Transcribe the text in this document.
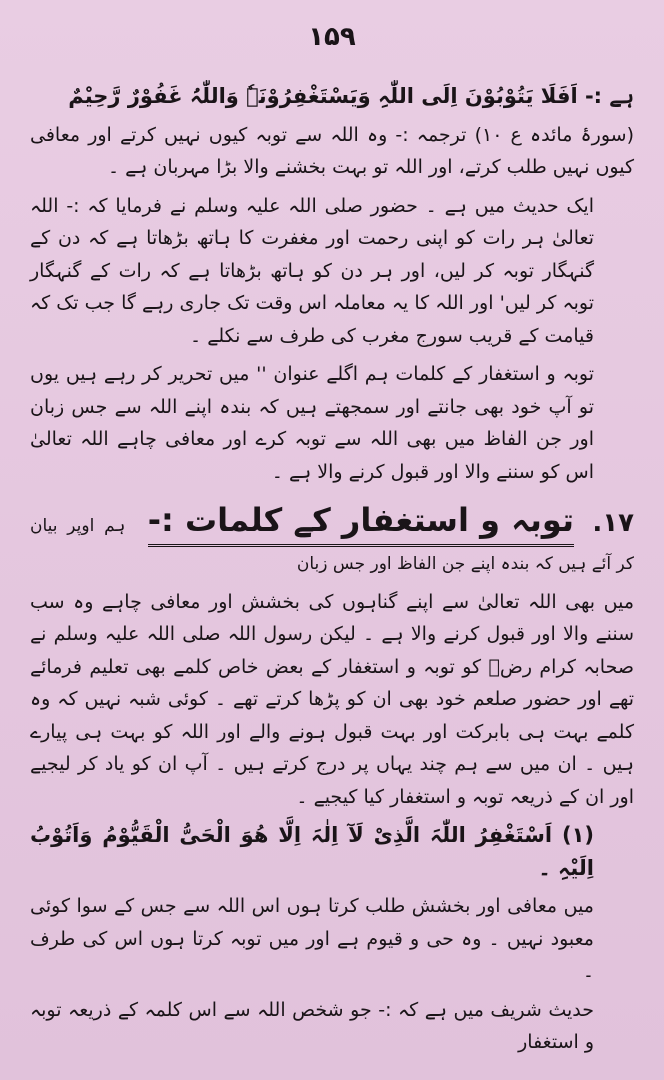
۱۵۹

ہے :- اَفَلَا یَتُوْبُوْنَ اِلَی اللّٰہِ وَیَسْتَغْفِرُوْنَہٗ وَاللّٰہُ غَفُوْرٌ رَّحِیْمٌ

(سورۂ مائدہ ع ۱۰) ترجمہ :- وہ اللہ سے توبہ کیوں نہیں کرتے اور معافی کیوں نہیں طلب کرتے، اور اللہ تو بہت بخشنے والا بڑا مہربان ہے ۔

ایک حدیث میں ہے ۔ حضور صلی اللہ علیہ وسلم نے فرمایا کہ :- اللہ تعالیٰ ہر رات کو اپنی رحمت اور مغفرت کا ہاتھ بڑھاتا ہے کہ دن کے گنہگار توبہ کر لیں، اور ہر دن کو ہاتھ بڑھاتا ہے کہ رات کے گنہگار توبہ کر لیں' اور اللہ کا یہ معاملہ اس وقت تک جاری رہے گا جب تک کہ قیامت کے قریب سورج مغرب کی طرف سے نکلے ۔

توبہ و استغفار کے کلمات ہم اگلے عنوان '' میں تحریر کر رہے ہیں یوں تو آپ خود بھی جانتے اور سمجھتے ہیں کہ بندہ اپنے اللہ سے جس زبان اور جن الفاظ میں بھی اللہ سے توبہ کرے اور معافی چاہے اللہ تعالیٰ اس کو سننے والا اور قبول کرنے والا ہے ۔

۱۷. توبہ و استغفار کے کلمات :- ہم اوپر بیان کر آئے ہیں کہ بندہ اپنے جن الفاظ اور جس زبان

میں بھی اللہ تعالیٰ سے اپنے گناہوں کی بخشش اور معافی چاہے وہ سب سننے والا اور قبول کرنے والا ہے ۔ لیکن رسول اللہ صلی اللہ علیہ وسلم نے صحابہ کرام رضؓ کو توبہ و استغفار کے بعض خاص کلمے بھی تعلیم فرمائے تھے اور حضور صلعم خود بھی ان کو پڑھا کرتے تھے ۔ کوئی شبہ نہیں کہ وہ کلمے بہت ہی بابرکت اور بہت قبول ہونے والے اور اللہ کو بہت ہی پیارے ہیں ۔ ان میں سے ہم چند یہاں پر درج کرتے ہیں ۔ آپ ان کو یاد کر لیجیے اور ان کے ذریعہ توبہ و استغفار کیا کیجیے ۔

(۱) اَسْتَغْفِرُ اللّٰہَ الَّذِیْ لَآ اِلٰہَ اِلَّا ھُوَ الْحَیُّ الْقَیُّوْمُ وَاَتُوْبُ اِلَیْہِ ۔

میں معافی اور بخشش طلب کرتا ہوں اس اللہ سے جس کے سوا کوئی معبود نہیں ۔ وہ حی و قیوم ہے اور میں توبہ کرتا ہوں اس کی طرف ۔

حدیث شریف میں ہے کہ :- جو شخص اللہ سے اس کلمہ کے ذریعہ توبہ و استغفار
